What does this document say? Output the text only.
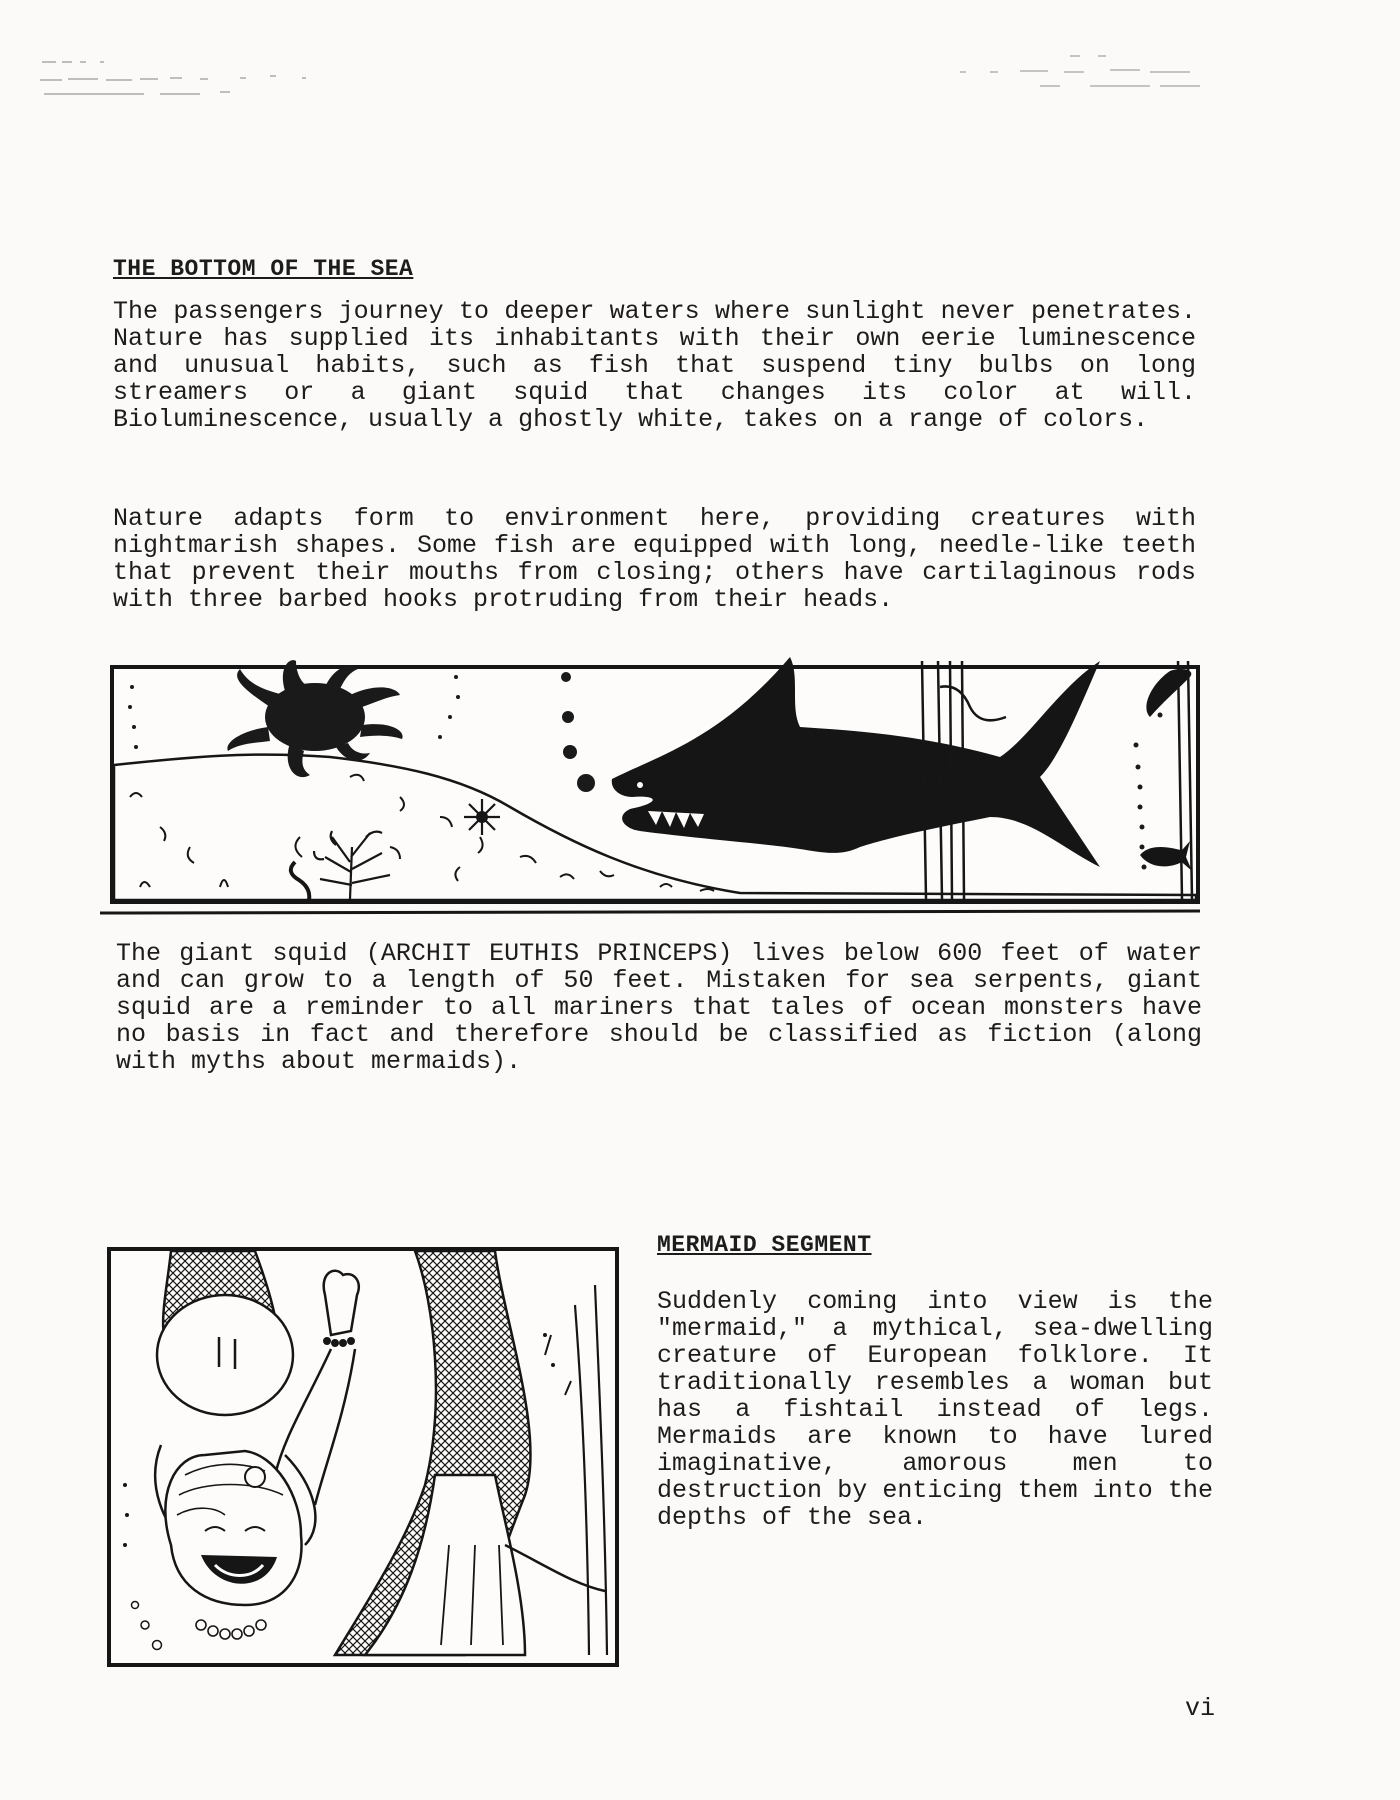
THE BOTTOM OF THE SEA
The passengers journey to deeper waters where sunlight never penetrates. Nature has supplied its inhabitants with their own eerie luminescence and unusual habits, such as fish that suspend tiny bulbs on long streamers or a giant squid that changes its color at will. Bioluminescence, usually a ghostly white, takes on a range of colors.
Nature adapts form to environment here, providing creatures with nightmarish shapes. Some fish are equipped with long, needle-like teeth that prevent their mouths from closing; others have cartilaginous rods with three barbed hooks protruding from their heads.
The giant squid (ARCHIT EUTHIS PRINCEPS) lives below 600 feet of water and can grow to a length of 50 feet. Mistaken for sea serpents, giant squid are a reminder to all mariners that tales of ocean monsters have no basis in fact and therefore should be classified as fiction (along with myths about mermaids).
MERMAID SEGMENT
Suddenly coming into view is the "mermaid," a mythical, sea-dwelling creature of European folklore. It traditionally resembles a woman but has a fishtail instead of legs. Mermaids are known to have lured imaginative, amorous men to destruction by enticing them into the depths of the sea.
vi
